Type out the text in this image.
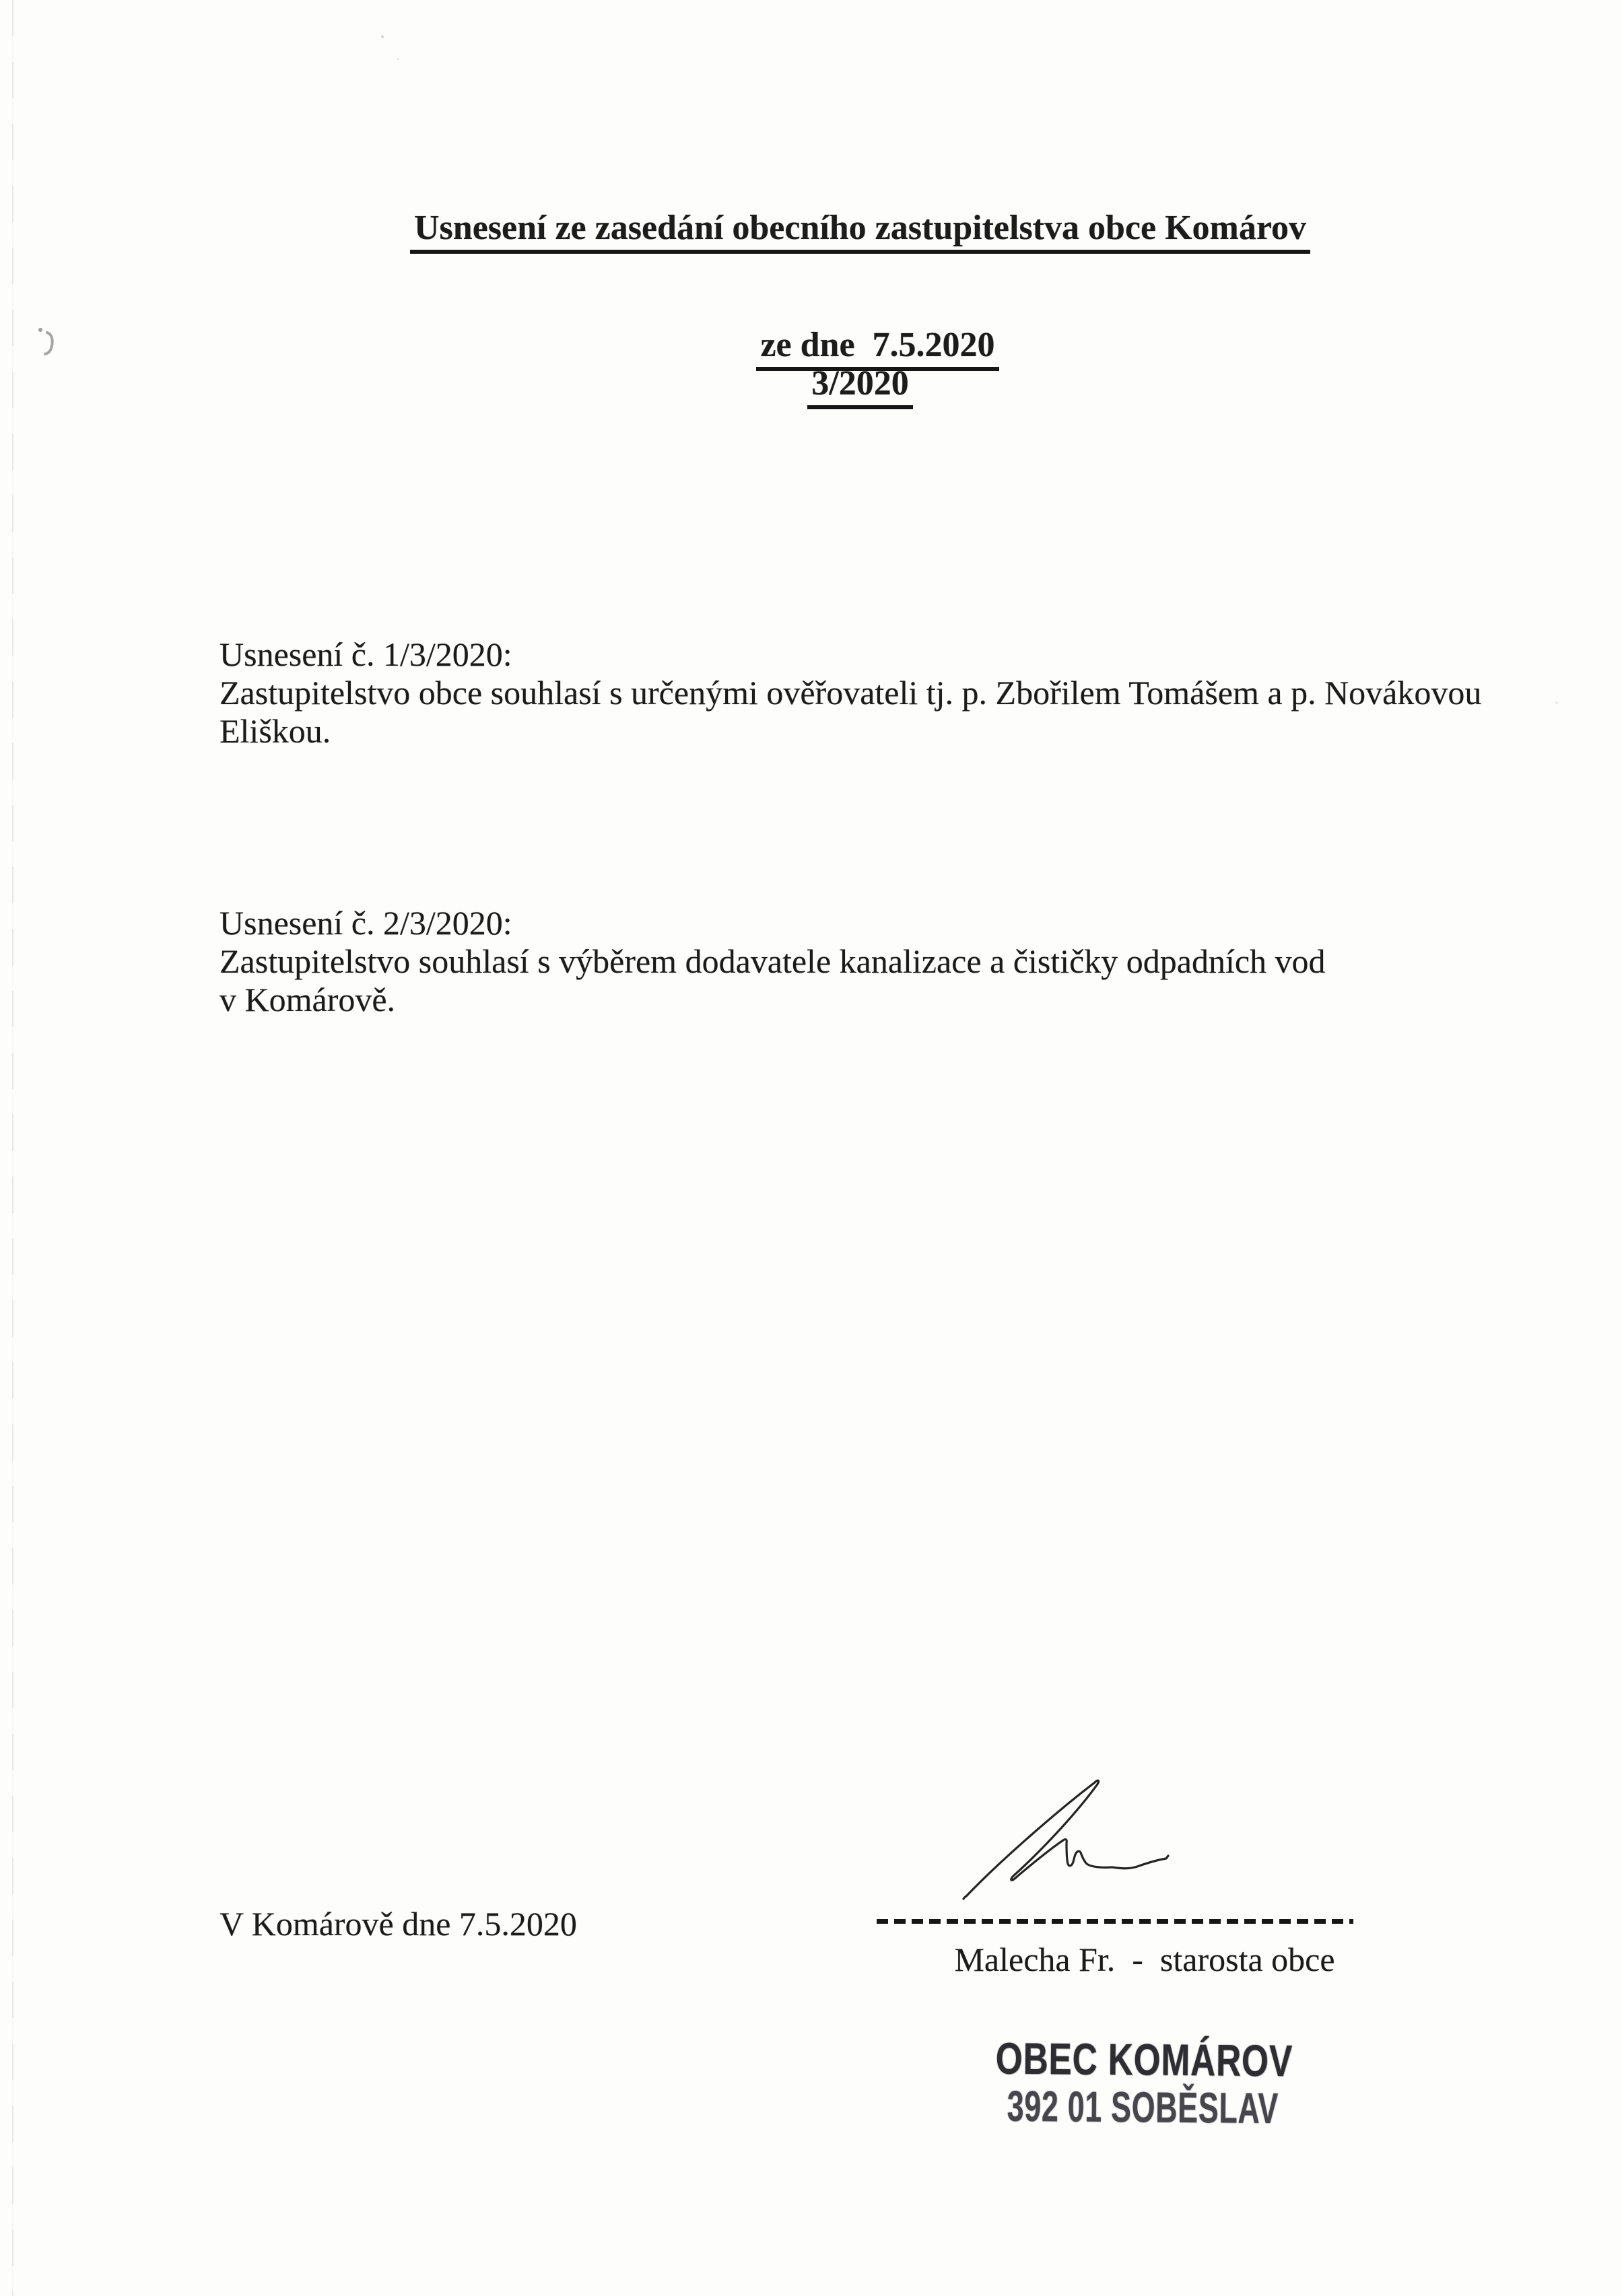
Usnesení ze zasedání obecního zastupitelstva obce Komárov

ze dne  7.5.2020

3/2020
Usnesení č. 1/3/2020:
Zastupitelstvo obce souhlasí s určenými ověřovateli tj. p. Zbořilem Tomášem a p. Novákovou
Eliškou.
Usnesení č. 2/3/2020:
Zastupitelstvo souhlasí s výběrem dodavatele kanalizace a čističky odpadních vod
v Komárově.
V Komárově dne 7.5.2020
Malecha Fr.  -  starosta obce
OBEC KOMÁROV
392 01 SOBĚSLAV
